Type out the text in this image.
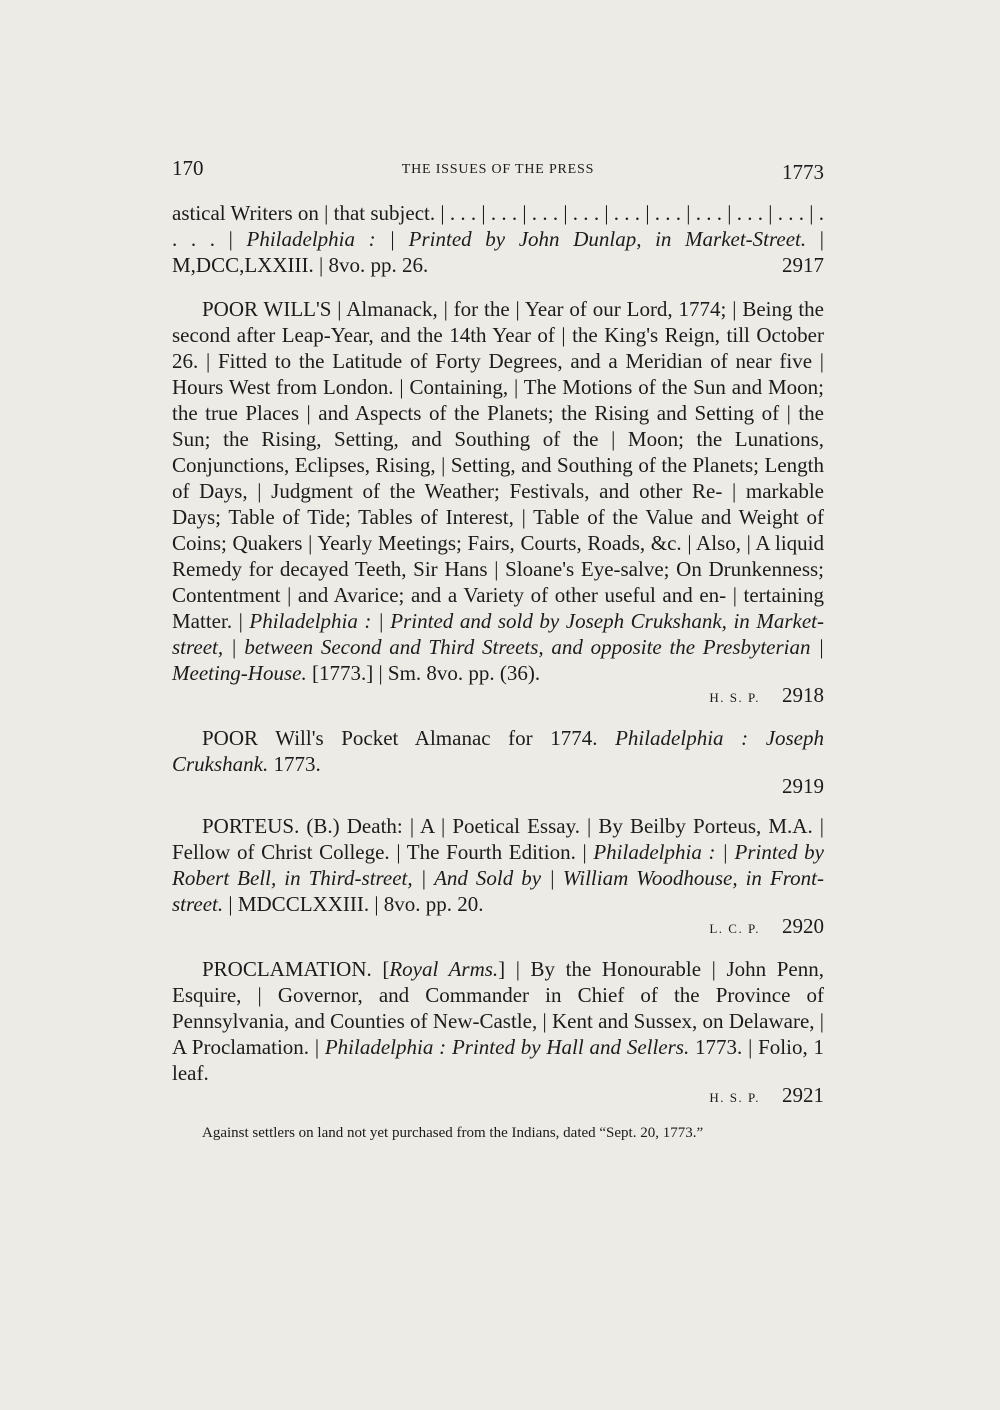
170	THE ISSUES OF THE PRESS	1773

astical Writers on | that subject. | . . . | . . . | . . . | . . . | . . . | . . . | . . . | . . . | . . . | . . . . | Philadelphia : | Printed by John Dunlap, in Market-Street. | M,DCC,LXXIII. | 8vo. pp. 26.	2917

POOR WILL'S | Almanack, | for the | Year of our Lord, 1774; | Being the second after Leap-Year, and the 14th Year of | the King's Reign, till October 26. | Fitted to the Latitude of Forty Degrees, and a Meridian of near five | Hours West from London. | Containing, | The Motions of the Sun and Moon; the true Places | and Aspects of the Planets; the Rising and Setting of | the Sun; the Rising, Setting, and Southing of the | Moon; the Lunations, Conjunctions, Eclipses, Rising, | Setting, and Southing of the Planets; Length of Days, | Judgment of the Weather; Festivals, and other Re- | markable Days; Table of Tide; Tables of Interest, | Table of the Value and Weight of Coins; Quakers | Yearly Meetings; Fairs, Courts, Roads, &c. | Also, | A liquid Remedy for decayed Teeth, Sir Hans | Sloane's Eye-salve; On Drunkenness; Contentment | and Avarice; and a Variety of other useful and en- | tertaining Matter. | Philadelphia : | Printed and sold by Joseph Crukshank, in Market-street, | between Second and Third Streets, and opposite the Presbyterian | Meeting-House. [1773.] | Sm. 8vo. pp. (36).
H. S. P. 2918

POOR Will's Pocket Almanac for 1774. Philadelphia : Joseph Crukshank. 1773.
2919

PORTEUS. (B.) Death: | A | Poetical Essay. | By Beilby Porteus, M.A. | Fellow of Christ College. | The Fourth Edition. | Philadelphia : | Printed by Robert Bell, in Third-street, | And Sold by | William Woodhouse, in Front-street. | MDCCLXXIII. | 8vo. pp. 20.
L. C. P. 2920

PROCLAMATION. [Royal Arms.] | By the Honourable | John Penn, Esquire, | Governor, and Commander in Chief of the Province of Pennsylvania, and Counties of New-Castle, | Kent and Sussex, on Delaware, | A Proclamation. | Philadelphia : Printed by Hall and Sellers. 1773. | Folio, 1 leaf.
H. S. P. 2921

Against settlers on land not yet purchased from the Indians, dated “Sept. 20, 1773.”
